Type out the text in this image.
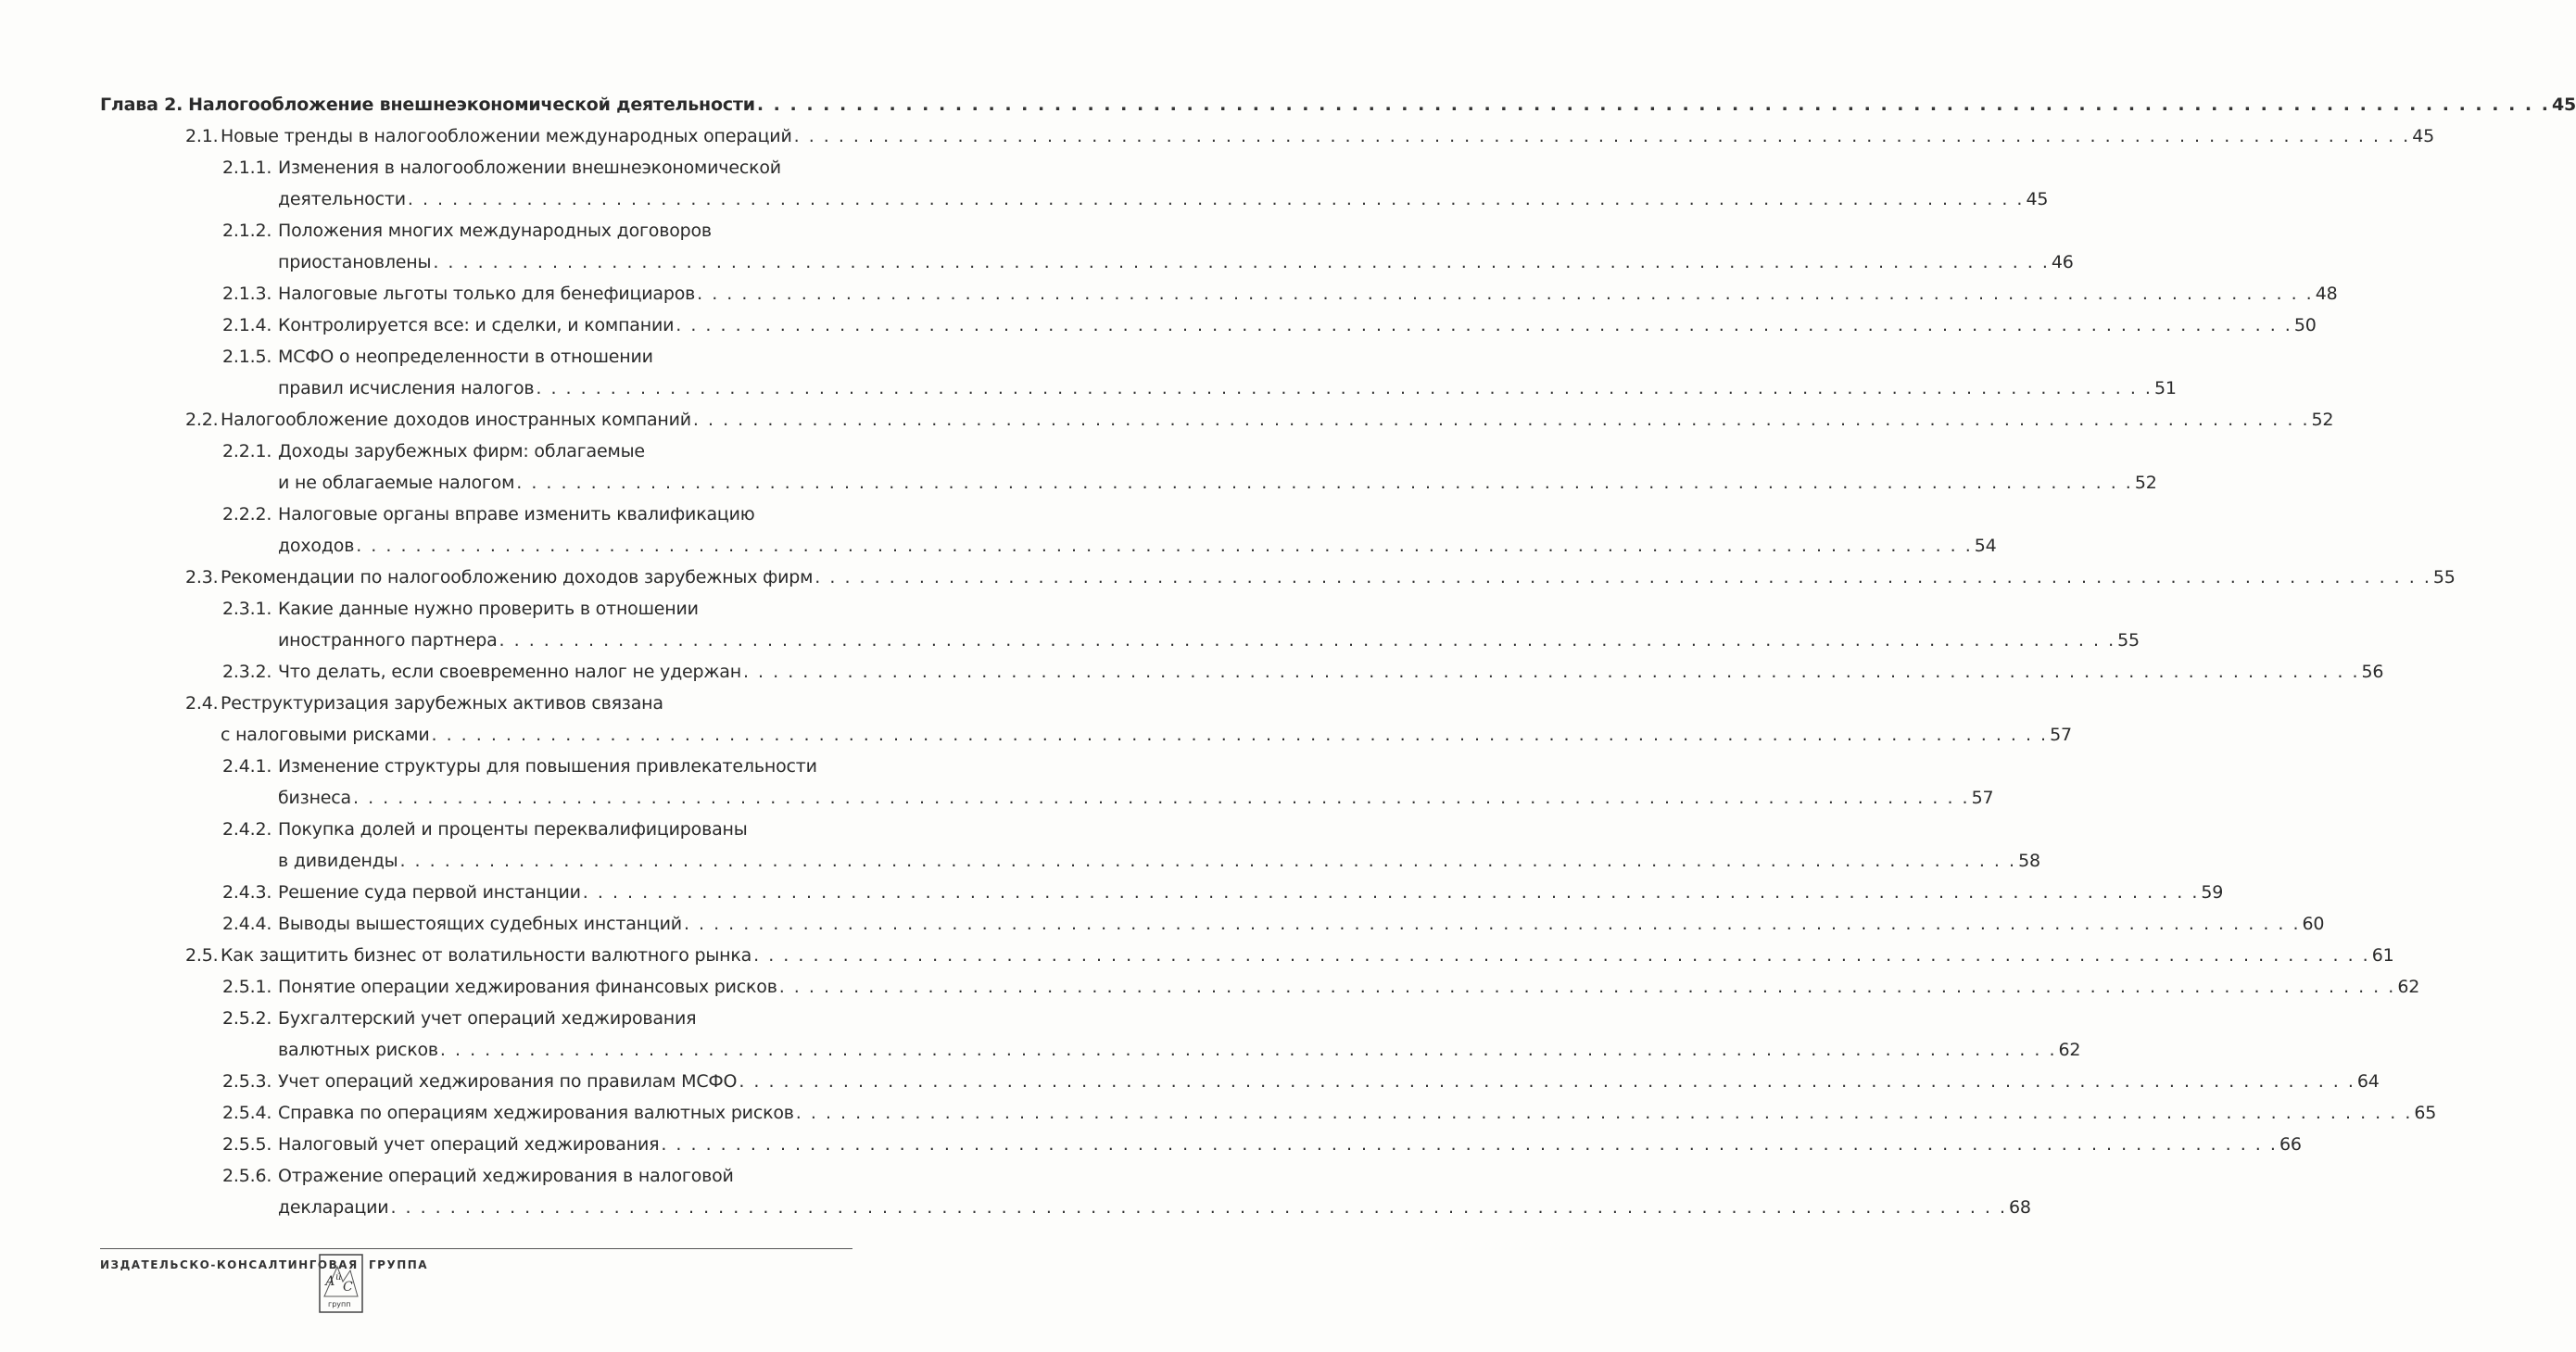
Глава 2. Налогообложение внешнеэкономической деятельности . . . . . . . . . . . . . . . . . . . . . . . . . . . . . . . . . . . . . . . . . . . . . . . . . . . . . . . . . . . . . . . . . . . . . . . . . . . . . . . . . . . . . . . . . . . . . . . . . . . . . . . . . . . . . 45
2.1. Новые тренды в налогообложении международных операций . . . . . . . . . . . . . . . . . . . . . . . . . . . . . . . . . . . . . . . . . . . . . . . . . . . . . . . . . . . . . . . . . . . . . . . . . . . . . . . . . . . . . . . . . . . . . . . . . . . . . . . . . . . . . 45
2.1.1. Изменения в налогообложении внешнеэкономической
деятельности . . . . . . . . . . . . . . . . . . . . . . . . . . . . . . . . . . . . . . . . . . . . . . . . . . . . . . . . . . . . . . . . . . . . . . . . . . . . . . . . . . . . . . . . . . . . . . . . . . . . . . . . . . . . . 45
2.1.2. Положения многих международных договоров
приостановлены . . . . . . . . . . . . . . . . . . . . . . . . . . . . . . . . . . . . . . . . . . . . . . . . . . . . . . . . . . . . . . . . . . . . . . . . . . . . . . . . . . . . . . . . . . . . . . . . . . . . . . . . . . . . . 46
2.1.3. Налоговые льготы только для бенефициаров . . . . . . . . . . . . . . . . . . . . . . . . . . . . . . . . . . . . . . . . . . . . . . . . . . . . . . . . . . . . . . . . . . . . . . . . . . . . . . . . . . . . . . . . . . . . . . . . . . . . . . . . . . . . . 48
2.1.4. Контролируется все: и сделки, и компании . . . . . . . . . . . . . . . . . . . . . . . . . . . . . . . . . . . . . . . . . . . . . . . . . . . . . . . . . . . . . . . . . . . . . . . . . . . . . . . . . . . . . . . . . . . . . . . . . . . . . . . . . . . . . 50
2.1.5. МСФО о неопределенности в отношении
правил исчисления налогов . . . . . . . . . . . . . . . . . . . . . . . . . . . . . . . . . . . . . . . . . . . . . . . . . . . . . . . . . . . . . . . . . . . . . . . . . . . . . . . . . . . . . . . . . . . . . . . . . . . . . . . . . . . . . 51
2.2. Налогообложение доходов иностранных компаний . . . . . . . . . . . . . . . . . . . . . . . . . . . . . . . . . . . . . . . . . . . . . . . . . . . . . . . . . . . . . . . . . . . . . . . . . . . . . . . . . . . . . . . . . . . . . . . . . . . . . . . . . . . . . 52
2.2.1. Доходы зарубежных фирм: облагаемые
и не облагаемые налогом . . . . . . . . . . . . . . . . . . . . . . . . . . . . . . . . . . . . . . . . . . . . . . . . . . . . . . . . . . . . . . . . . . . . . . . . . . . . . . . . . . . . . . . . . . . . . . . . . . . . . . . . . . . . . 52
2.2.2. Налоговые органы вправе изменить квалификацию
доходов . . . . . . . . . . . . . . . . . . . . . . . . . . . . . . . . . . . . . . . . . . . . . . . . . . . . . . . . . . . . . . . . . . . . . . . . . . . . . . . . . . . . . . . . . . . . . . . . . . . . . . . . . . . . . 54
2.3. Рекомендации по налогообложению доходов зарубежных фирм . . . . . . . . . . . . . . . . . . . . . . . . . . . . . . . . . . . . . . . . . . . . . . . . . . . . . . . . . . . . . . . . . . . . . . . . . . . . . . . . . . . . . . . . . . . . . . . . . . . . . . . . . . . . . 55
2.3.1. Какие данные нужно проверить в отношении
иностранного партнера . . . . . . . . . . . . . . . . . . . . . . . . . . . . . . . . . . . . . . . . . . . . . . . . . . . . . . . . . . . . . . . . . . . . . . . . . . . . . . . . . . . . . . . . . . . . . . . . . . . . . . . . . . . . . 55
2.3.2. Что делать, если своевременно налог не удержан . . . . . . . . . . . . . . . . . . . . . . . . . . . . . . . . . . . . . . . . . . . . . . . . . . . . . . . . . . . . . . . . . . . . . . . . . . . . . . . . . . . . . . . . . . . . . . . . . . . . . . . . . . . . . 56
2.4. Реструктуризация зарубежных активов связана
с налоговыми рисками . . . . . . . . . . . . . . . . . . . . . . . . . . . . . . . . . . . . . . . . . . . . . . . . . . . . . . . . . . . . . . . . . . . . . . . . . . . . . . . . . . . . . . . . . . . . . . . . . . . . . . . . . . . . . 57
2.4.1. Изменение структуры для повышения привлекательности
бизнеса . . . . . . . . . . . . . . . . . . . . . . . . . . . . . . . . . . . . . . . . . . . . . . . . . . . . . . . . . . . . . . . . . . . . . . . . . . . . . . . . . . . . . . . . . . . . . . . . . . . . . . . . . . . . . 57
2.4.2. Покупка долей и проценты переквалифицированы
в дивиденды . . . . . . . . . . . . . . . . . . . . . . . . . . . . . . . . . . . . . . . . . . . . . . . . . . . . . . . . . . . . . . . . . . . . . . . . . . . . . . . . . . . . . . . . . . . . . . . . . . . . . . . . . . . . . 58
2.4.3. Решение суда первой инстанции . . . . . . . . . . . . . . . . . . . . . . . . . . . . . . . . . . . . . . . . . . . . . . . . . . . . . . . . . . . . . . . . . . . . . . . . . . . . . . . . . . . . . . . . . . . . . . . . . . . . . . . . . . . . . 59
2.4.4. Выводы вышестоящих судебных инстанций . . . . . . . . . . . . . . . . . . . . . . . . . . . . . . . . . . . . . . . . . . . . . . . . . . . . . . . . . . . . . . . . . . . . . . . . . . . . . . . . . . . . . . . . . . . . . . . . . . . . . . . . . . . . . 60
2.5. Как защитить бизнес от волатильности валютного рынка . . . . . . . . . . . . . . . . . . . . . . . . . . . . . . . . . . . . . . . . . . . . . . . . . . . . . . . . . . . . . . . . . . . . . . . . . . . . . . . . . . . . . . . . . . . . . . . . . . . . . . . . . . . . . 61
2.5.1. Понятие операции хеджирования финансовых рисков . . . . . . . . . . . . . . . . . . . . . . . . . . . . . . . . . . . . . . . . . . . . . . . . . . . . . . . . . . . . . . . . . . . . . . . . . . . . . . . . . . . . . . . . . . . . . . . . . . . . . . . . . . . . . 62
2.5.2. Бухгалтерский учет операций хеджирования
валютных рисков . . . . . . . . . . . . . . . . . . . . . . . . . . . . . . . . . . . . . . . . . . . . . . . . . . . . . . . . . . . . . . . . . . . . . . . . . . . . . . . . . . . . . . . . . . . . . . . . . . . . . . . . . . . . . 62
2.5.3. Учет операций хеджирования по правилам МСФО . . . . . . . . . . . . . . . . . . . . . . . . . . . . . . . . . . . . . . . . . . . . . . . . . . . . . . . . . . . . . . . . . . . . . . . . . . . . . . . . . . . . . . . . . . . . . . . . . . . . . . . . . . . . . 64
2.5.4. Справка по операциям хеджирования валютных рисков . . . . . . . . . . . . . . . . . . . . . . . . . . . . . . . . . . . . . . . . . . . . . . . . . . . . . . . . . . . . . . . . . . . . . . . . . . . . . . . . . . . . . . . . . . . . . . . . . . . . . . . . . . . . . 65
2.5.5. Налоговый учет операций хеджирования . . . . . . . . . . . . . . . . . . . . . . . . . . . . . . . . . . . . . . . . . . . . . . . . . . . . . . . . . . . . . . . . . . . . . . . . . . . . . . . . . . . . . . . . . . . . . . . . . . . . . . . . . . . . . 66
2.5.6. Отражение операций хеджирования в налоговой
декларации . . . . . . . . . . . . . . . . . . . . . . . . . . . . . . . . . . . . . . . . . . . . . . . . . . . . . . . . . . . . . . . . . . . . . . . . . . . . . . . . . . . . . . . . . . . . . . . . . . . . . . . . . . . . . 68
ИЗДАТЕЛЬСКО-КОНСАЛТИНГОВАЯ
А й
С
групп
ГРУППА
